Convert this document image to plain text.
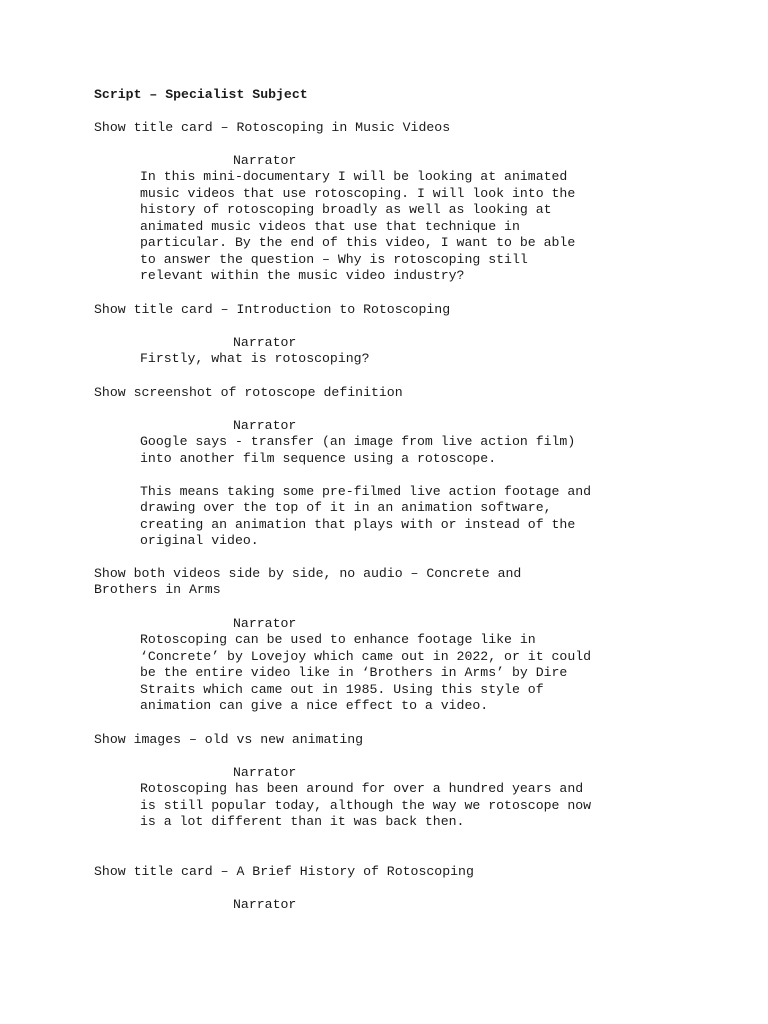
Script – Specialist Subject
Show title card – Rotoscoping in Music Videos
Narrator
In this mini-documentary I will be looking at animated
music videos that use rotoscoping. I will look into the
history of rotoscoping broadly as well as looking at
animated music videos that use that technique in
particular. By the end of this video, I want to be able
to answer the question – Why is rotoscoping still
relevant within the music video industry?
Show title card – Introduction to Rotoscoping
Narrator
Firstly, what is rotoscoping?
Show screenshot of rotoscope definition
Narrator
Google says - transfer (an image from live action film)
into another film sequence using a rotoscope.
This means taking some pre-filmed live action footage and
drawing over the top of it in an animation software,
creating an animation that plays with or instead of the
original video.
Show both videos side by side, no audio – Concrete and
Brothers in Arms
Narrator
Rotoscoping can be used to enhance footage like in
‘Concrete’ by Lovejoy which came out in 2022, or it could
be the entire video like in ‘Brothers in Arms’ by Dire
Straits which came out in 1985. Using this style of
animation can give a nice effect to a video.
Show images – old vs new animating
Narrator
Rotoscoping has been around for over a hundred years and
is still popular today, although the way we rotoscope now
is a lot different than it was back then.
Show title card – A Brief History of Rotoscoping
Narrator
